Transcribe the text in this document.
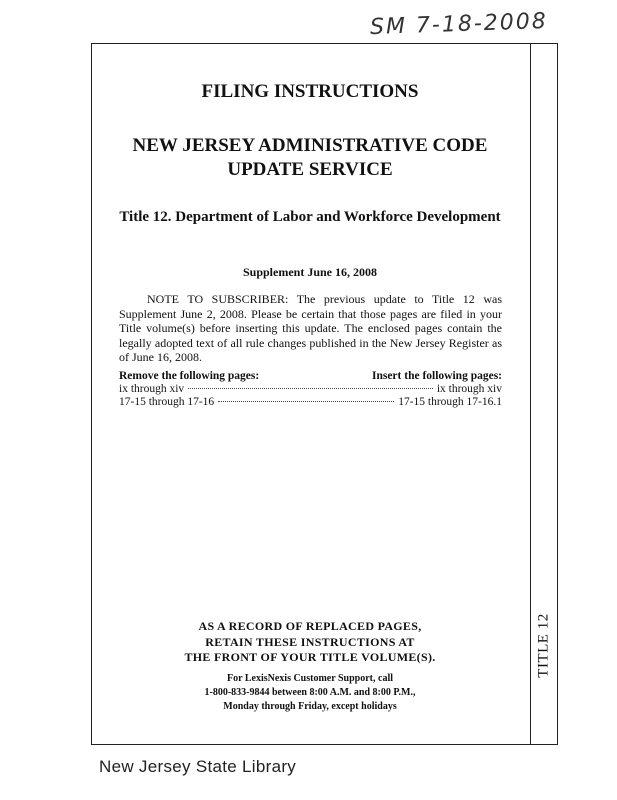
SM 7-18-2008
TITLE 12
FILING INSTRUCTIONS
NEW JERSEY ADMINISTRATIVE CODE
UPDATE SERVICE
Title 12. Department of Labor and Workforce Development
Supplement June 16, 2008
NOTE TO SUBSCRIBER: The previous update to Title 12 was Supplement June 2, 2008. Please be certain that those pages are filed in your Title volume(s) before inserting this update. The enclosed pages contain the legally adopted text of all rule changes published in the New Jersey Register as of June 16, 2008.
Remove the following pages:	Insert the following pages:
ix through xiv	ix through xiv
17-15 through 17-16	17-15 through 17-16.1
AS A RECORD OF REPLACED PAGES,
RETAIN THESE INSTRUCTIONS AT
THE FRONT OF YOUR TITLE VOLUME(S).
For LexisNexis Customer Support, call
1-800-833-9844 between 8:00 A.M. and 8:00 P.M.,
Monday through Friday, except holidays
New Jersey State Library
